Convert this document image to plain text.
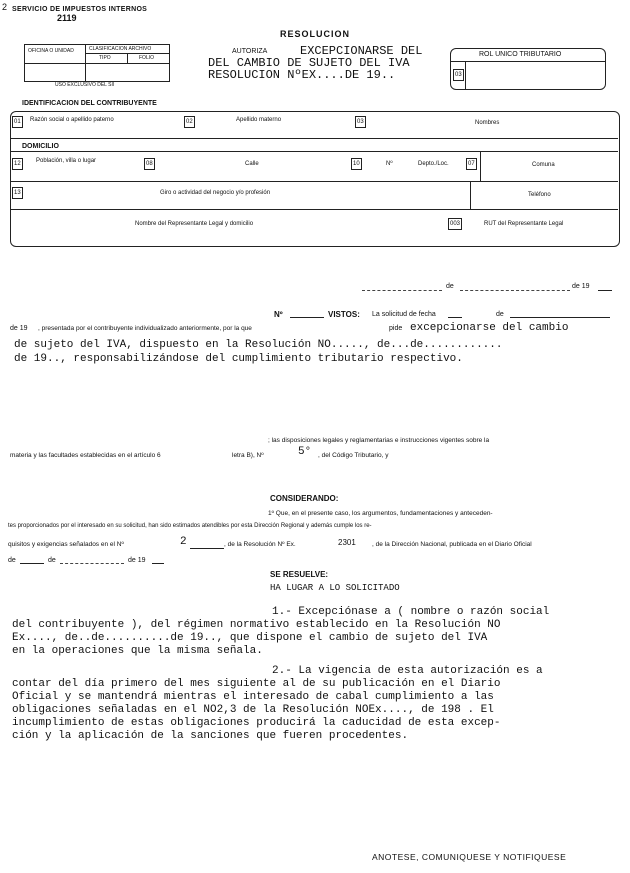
2 SERVICIO DE IMPUESTOS INTERNOS
2119
RESOLUCION
OFICINA O UNIDAD	CLASIFICACION ARCHIVO
TIPO	FOLIO
USO EXCLUSIVO DEL SII
AUTORIZA	EXCEPCIONARSE DEL
DEL CAMBIO DE SUJETO DEL IVA
RESOLUCION NºEX....DE 19..
ROL UNICO TRIBUTARIO
03
IDENTIFICACION DEL CONTRIBUYENTE
01	Razón social o apellido paterno	02	Apellido materno	03	Nombres
DOMICILIO
12	Población, villa o lugar	08	Calle	10	Nº	Depto./Loc.	07	Comuna
13	Giro o actividad del negocio y/o profesión	Teléfono
Nombre del Representante Legal y domicilio	003	RUT del Representante Legal
de	de 19
Nº	VISTOS: La solicitud de fecha	de
de 19 , presentada por el contribuyente individualizado anteriormente, por la que	pide excepcionarse del cambio
de sujeto del IVA, dispuesto en la Resolución NO....., de...de............
de 19.., responsabilizándose del cumplimiento tributario respectivo.
; las disposiciones legales y reglamentarias e instrucciones vigentes sobre la
materia y las facultades establecidas en el artículo 6	letra B), Nº	5° , del Código Tributario, y
CONSIDERANDO:
1º Que, en el presente caso, los argumentos, fundamentaciones y anteceden-
tes proporcionados por el interesado en su solicitud, han sido estimados atendibles por esta Dirección Regional y además cumple los re-
quisitos y exigencias señalados en el Nº	2	, de la Resolución Nº Ex.	2301 , de la Dirección Nacional, publicada en el Diario Oficial
de	de	de 19
SE RESUELVE:
HA LUGAR A LO SOLICITADO
1.- Excepciónase a ( nombre o razón social
del contribuyente ), del régimen normativo establecido en la Resolución NO
Ex...., de..de..........de 19.., que dispone el cambio de sujeto del IVA
en la operaciones que la misma señala.
2.- La vigencia de esta autorización es a
contar del día primero del mes siguiente al de su publicación en el Diario
Oficial y se mantendrá mientras el interesado de cabal cumplimiento a las
obligaciones señaladas en el NO2,3 de la Resolución NOEx...., de 198 . El
incumplimiento de estas obligaciones producirá la caducidad de esta excep-
ción y la aplicación de la sanciones que fueren procedentes.
ANOTESE, COMUNIQUESE Y NOTIFIQUESE
